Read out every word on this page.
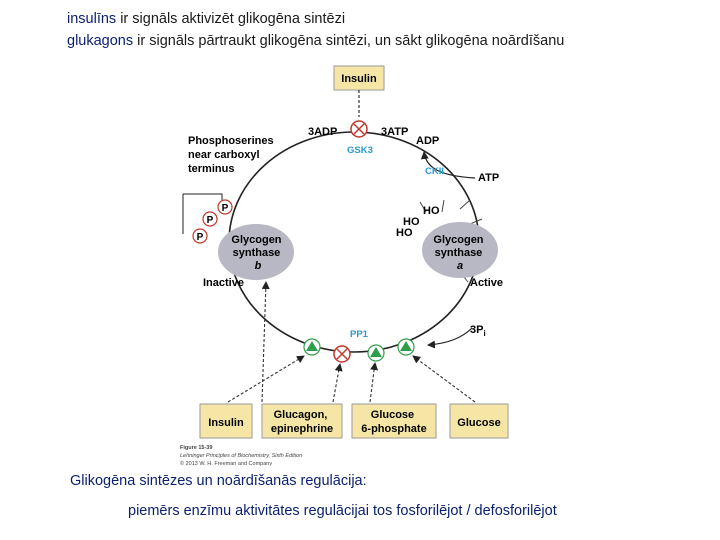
insulīns ir signāls aktivizēt glikogēna sintēzi
glukagons ir signāls pārtraukt glikogēna sintēzi, un sākt glikogēna noārdīšanu
Insulin
3ADP	3ATP
GSK3
ADP
CKII
ATP
Phosphoserines near carboxyl terminus
Glycogen synthase b
P
P
P
Inactive
Glycogen synthase a
HO
HO
HO
Active
PP1	$3P_i$
Insulin
Glucagon, epinephrine
Glucose 6-phosphate	Glucose
Figure 15-39 Lehninger Principles of Biochemistry, Sixth Edition © 2013 W. H. Freeman and Company
Glikogēna sintēzes un noārdīšanās regulācija:
piemērs enzīmu aktivitātes regulācijai tos fosforilējot / defosforilējot
